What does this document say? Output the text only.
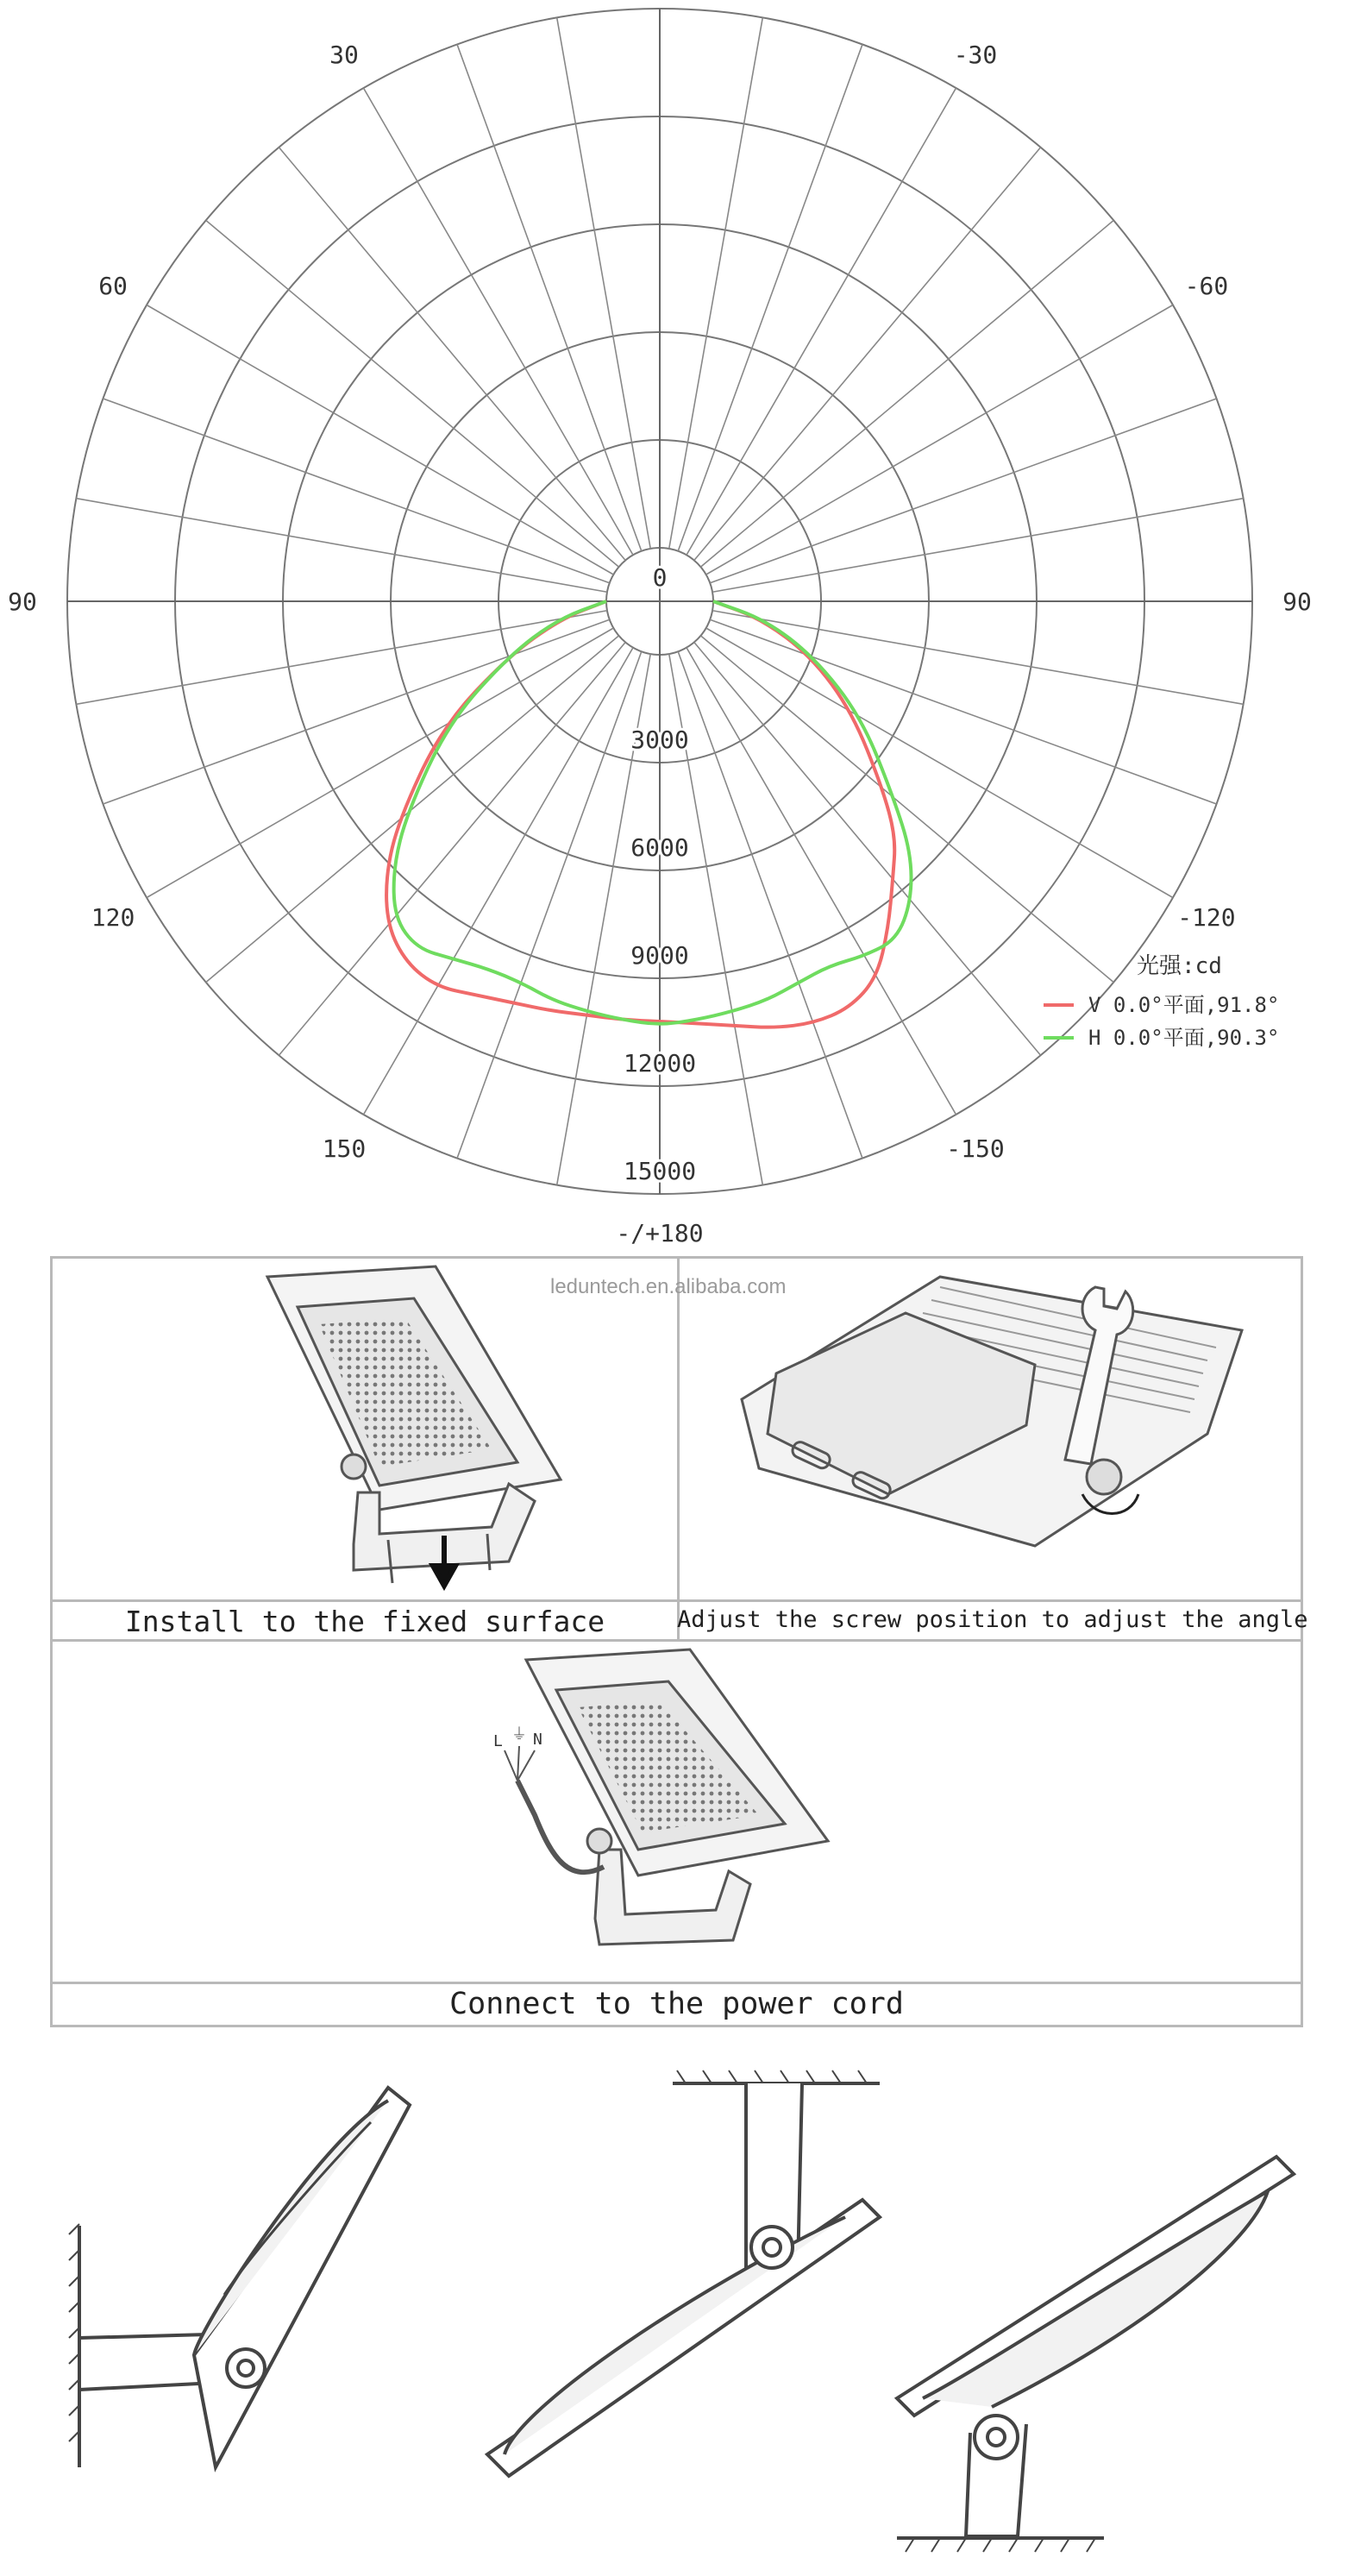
-/+180
150	-150
120	-120
90	90
60	-60
30	-30
0
3000
6000
9000
12000
15000
光强:cd
V 0.0°平面,91.8°
H 0.0°平面,90.3°
leduntech.en.alibaba.com
Install to the fixed surface	Adjust the screw position to adjust the angle
Connect to the power cord
L ⏚ N
